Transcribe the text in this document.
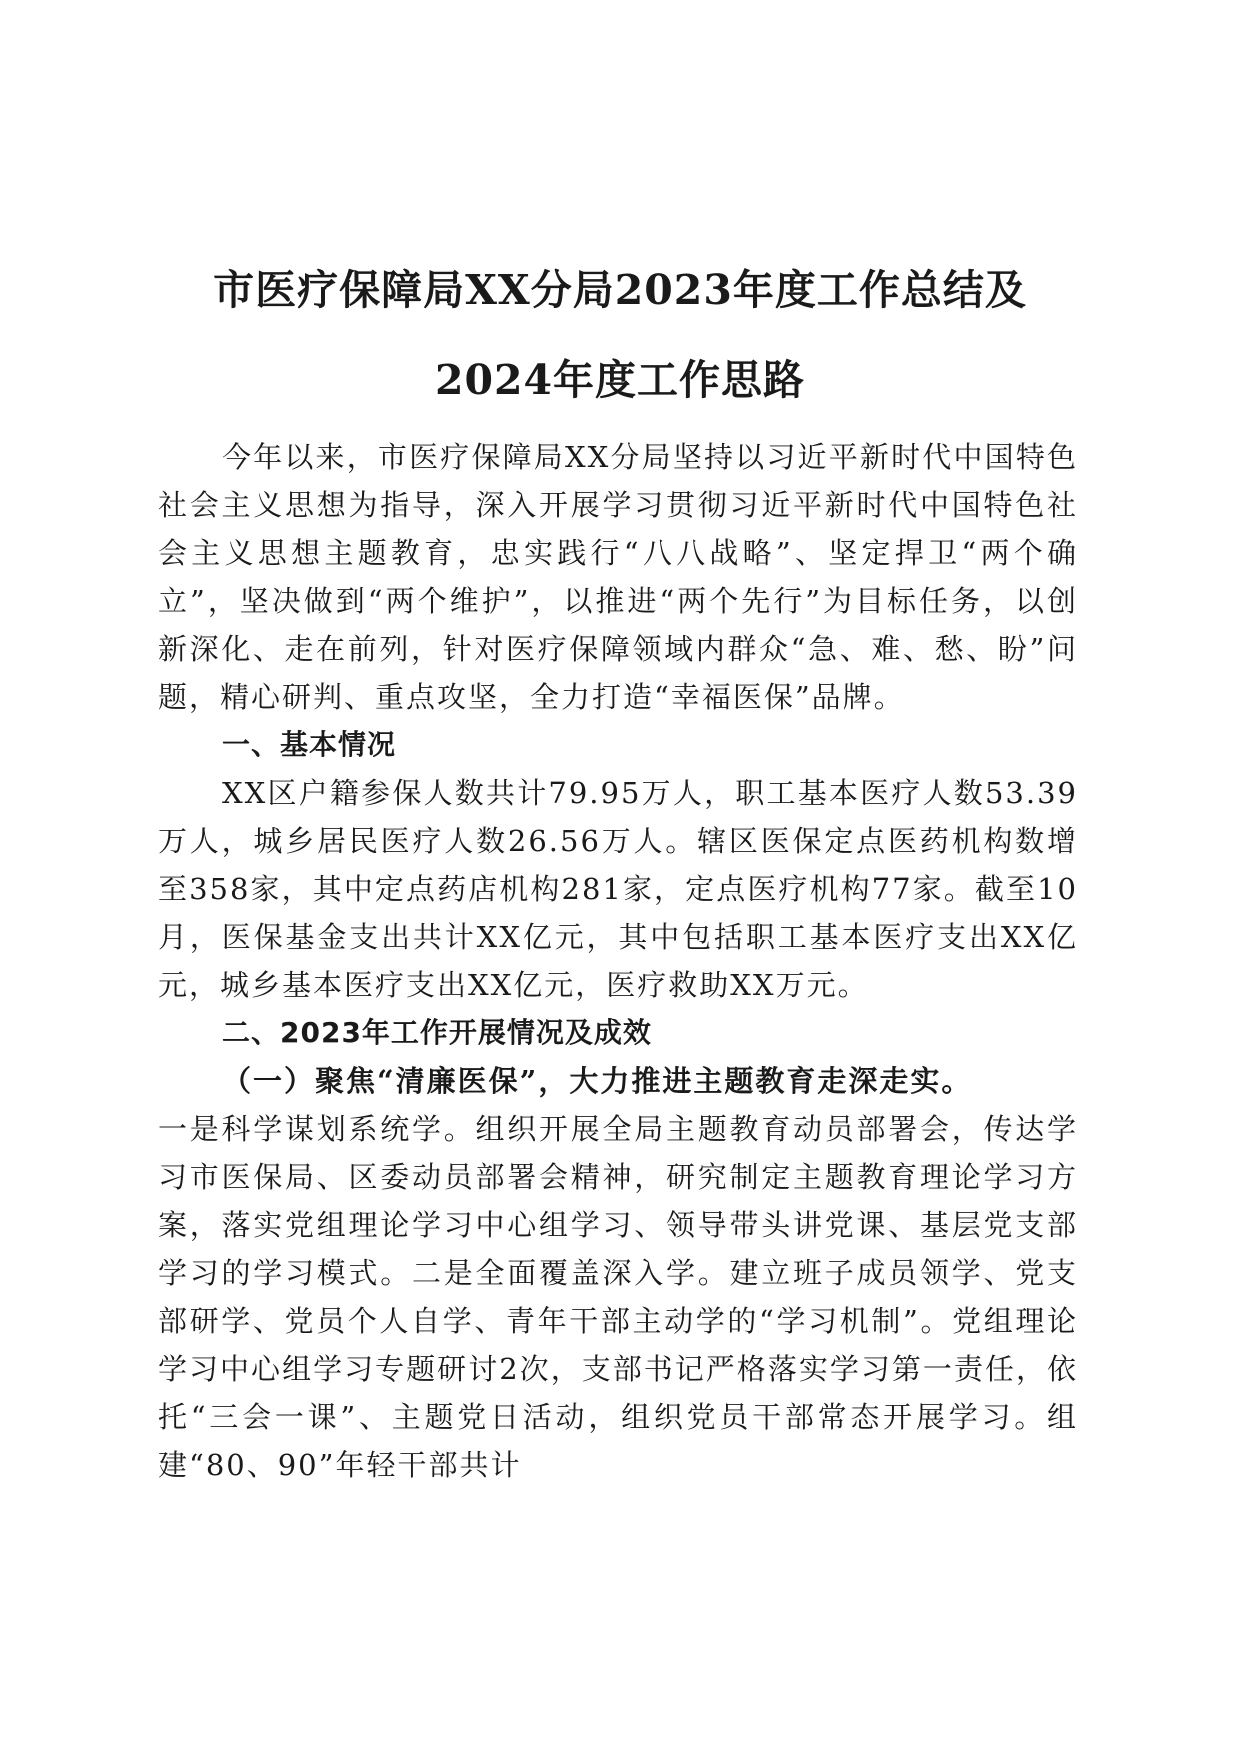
市医疗保障局XX分局2023年度工作总结及
2024年度工作思路

今年以来，市医疗保障局XX分局坚持以习近平新时代中国特色社会主义思想为指导，深入开展学习贯彻习近平新时代中国特色社会主义思想主题教育，忠实践行“八八战略”、坚定捍卫“两个确立”，坚决做到“两个维护”，以推进“两个先行”为目标任务，以创新深化、走在前列，针对医疗保障领域内群众“急、难、愁、盼”问题，精心研判、重点攻坚，全力打造“幸福医保”品牌。

一、基本情况

XX区户籍参保人数共计79.95万人，职工基本医疗人数53.39万人，城乡居民医疗人数26.56万人。辖区医保定点医药机构数增至358家，其中定点药店机构281家，定点医疗机构77家。截至10月，医保基金支出共计XX亿元，其中包括职工基本医疗支出XX亿元，城乡基本医疗支出XX亿元，医疗救助XX万元。

二、2023年工作开展情况及成效

（一）聚焦“清廉医保”，大力推进主题教育走深走实。

一是科学谋划系统学。组织开展全局主题教育动员部署会，传达学习市医保局、区委动员部署会精神，研究制定主题教育理论学习方案，落实党组理论学习中心组学习、领导带头讲党课、基层党支部学习的学习模式。二是全面覆盖深入学。建立班子成员领学、党支部研学、党员个人自学、青年干部主动学的“学习机制”。党组理论学习中心组学习专题研讨2次，支部书记严格落实学习第一责任，依托“三会一课”、主题党日活动，组织党员干部常态开展学习。组建“80、90”年轻干部共计
